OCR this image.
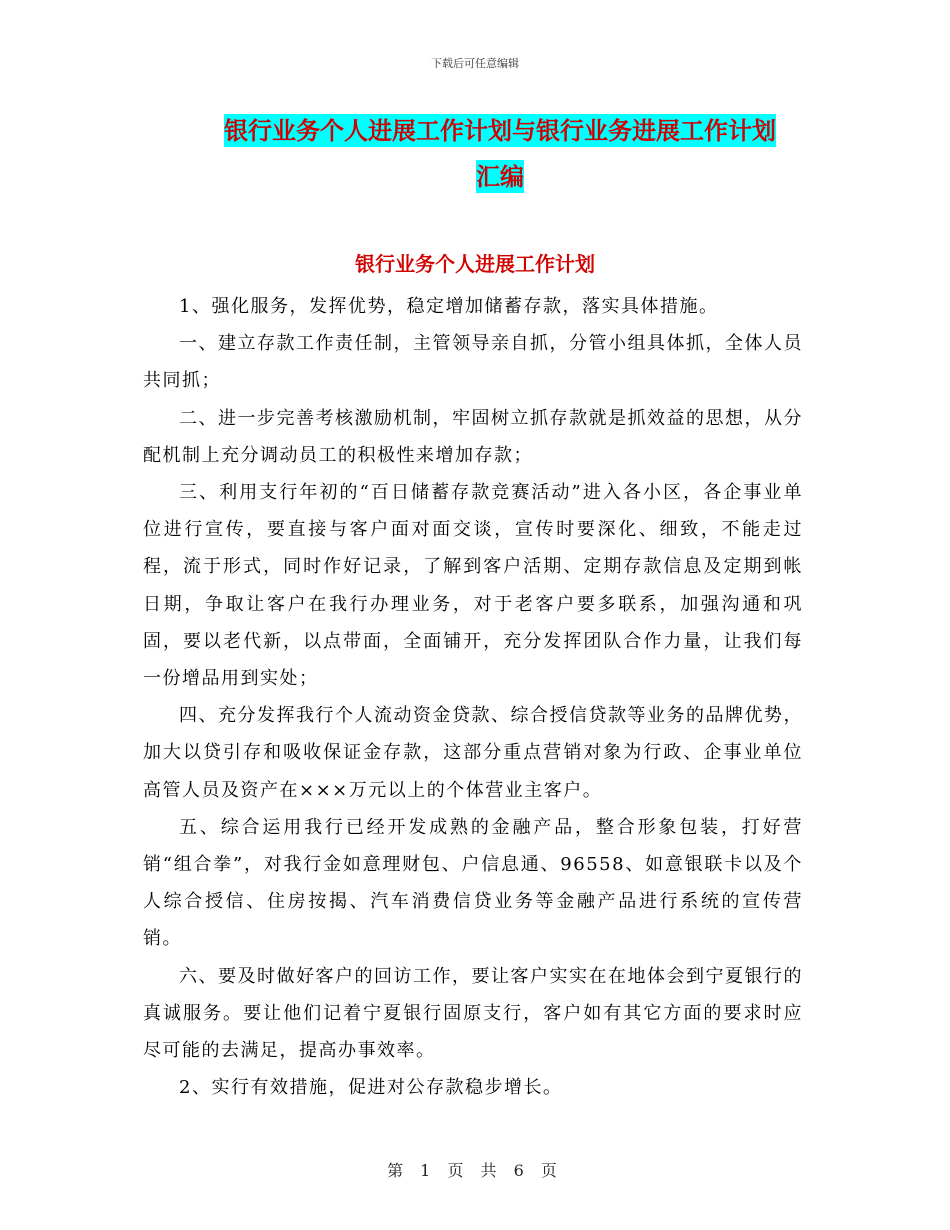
下载后可任意编辑
银行业务个人进展工作计划与银行业务进展工作计划
汇编
银行业务个人进展工作计划

1、强化服务，发挥优势，稳定增加储蓄存款，落实具体措施。

一、建立存款工作责任制，主管领导亲自抓，分管小组具体抓，全体人员共同抓；

二、进一步完善考核激励机制，牢固树立抓存款就是抓效益的思想，从分配机制上充分调动员工的积极性来增加存款；

三、利用支行年初的“百日储蓄存款竞赛活动”进入各小区，各企事业单位进行宣传，要直接与客户面对面交谈，宣传时要深化、细致，不能走过程，流于形式，同时作好记录，了解到客户活期、定期存款信息及定期到帐日期，争取让客户在我行办理业务，对于老客户要多联系，加强沟通和巩固，要以老代新，以点带面，全面铺开，充分发挥团队合作力量，让我们每一份增品用到实处；

四、充分发挥我行个人流动资金贷款、综合授信贷款等业务的品牌优势，加大以贷引存和吸收保证金存款，这部分重点营销对象为行政、企事业单位高管人员及资产在×××万元以上的个体营业主客户。

五、综合运用我行已经开发成熟的金融产品，整合形象包装，打好营销“组合拳”，对我行金如意理财包、户信息通、96558、如意银联卡以及个人综合授信、住房按揭、汽车消费信贷业务等金融产品进行系统的宣传营销。

六、要及时做好客户的回访工作，要让客户实实在在地体会到宁夏银行的真诚服务。要让他们记着宁夏银行固原支行，客户如有其它方面的要求时应尽可能的去满足，提高办事效率。

2、实行有效措施，促进对公存款稳步增长。

第 1 页 共 6 页
